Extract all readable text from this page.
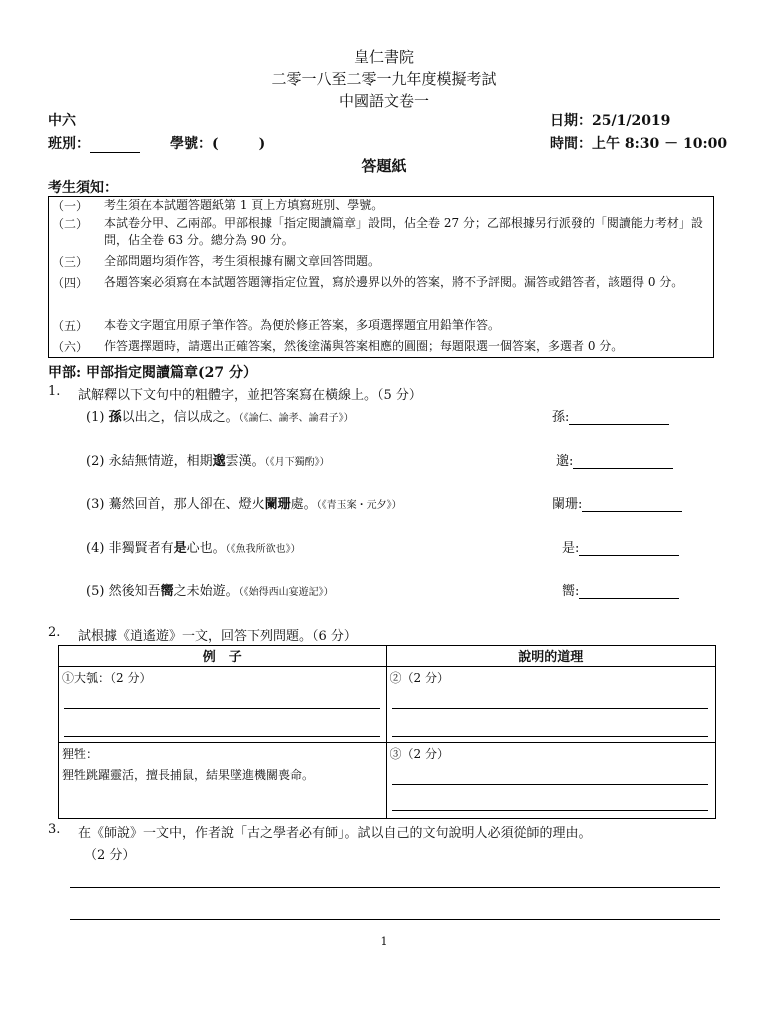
皇仁書院
二零一八至二零一九年度模擬考試
中國語文卷一
中六	日期：25/1/2019
班別：	學號：(	)	時間：上午 8:30 － 10:00
答題紙
考生須知：
（一） 考生須在本試題答題紙第 1 頁上方填寫班別、學號。
（二） 本試卷分甲、乙兩部。甲部根據「指定閱讀篇章」設問，佔全卷 27 分；乙部根據另行派發的「閱讀能力考材」設問，佔全卷 63 分。總分為 90 分。
（三） 全部問題均須作答，考生須根據有關文章回答問題。
（四） 各題答案必須寫在本試題答題簿指定位置，寫於邊界以外的答案，將不予評閱。漏答或錯答者，該題得 0 分。
（五） 本卷文字題宜用原子筆作答。為便於修正答案，多項選擇題宜用鉛筆作答。
（六） 作答選擇題時，請選出正確答案，然後塗滿與答案相應的圓圈；每題限選一個答案，多選者 0 分。
甲部: 甲部指定閱讀篇章(27 分）
1. 試解釋以下文句中的粗體字，並把答案寫在橫線上。（5 分）
(1) 孫以出之，信以成之。（《論仁、論孝、論君子》）	孫:
(2) 永結無情遊，相期邈雲漢。（《月下獨酌》）	邈:
(3) 驀然回首，那人卻在、燈火闌珊處。（《青玉案・元夕》）	闌珊:
(4) 非獨賢者有是心也。（《魚我所欲也》）	是:
(5) 然後知吾嚮之未始遊。（《始得西山宴遊記》）	嚮:
2. 試根據《逍遙遊》一文，回答下列問題。（6 分）
例　子	說明的道理

①大瓠：（2 分）	②（2 分）

狸牲：
狸牲跳躍靈活，擅長捕鼠，結果墜進機關喪命。	③（2 分）
3. 在《師說》一文中，作者說「古之學者必有師」。試以自己的文句說明人必須從師的理由。
（2 分）
1
